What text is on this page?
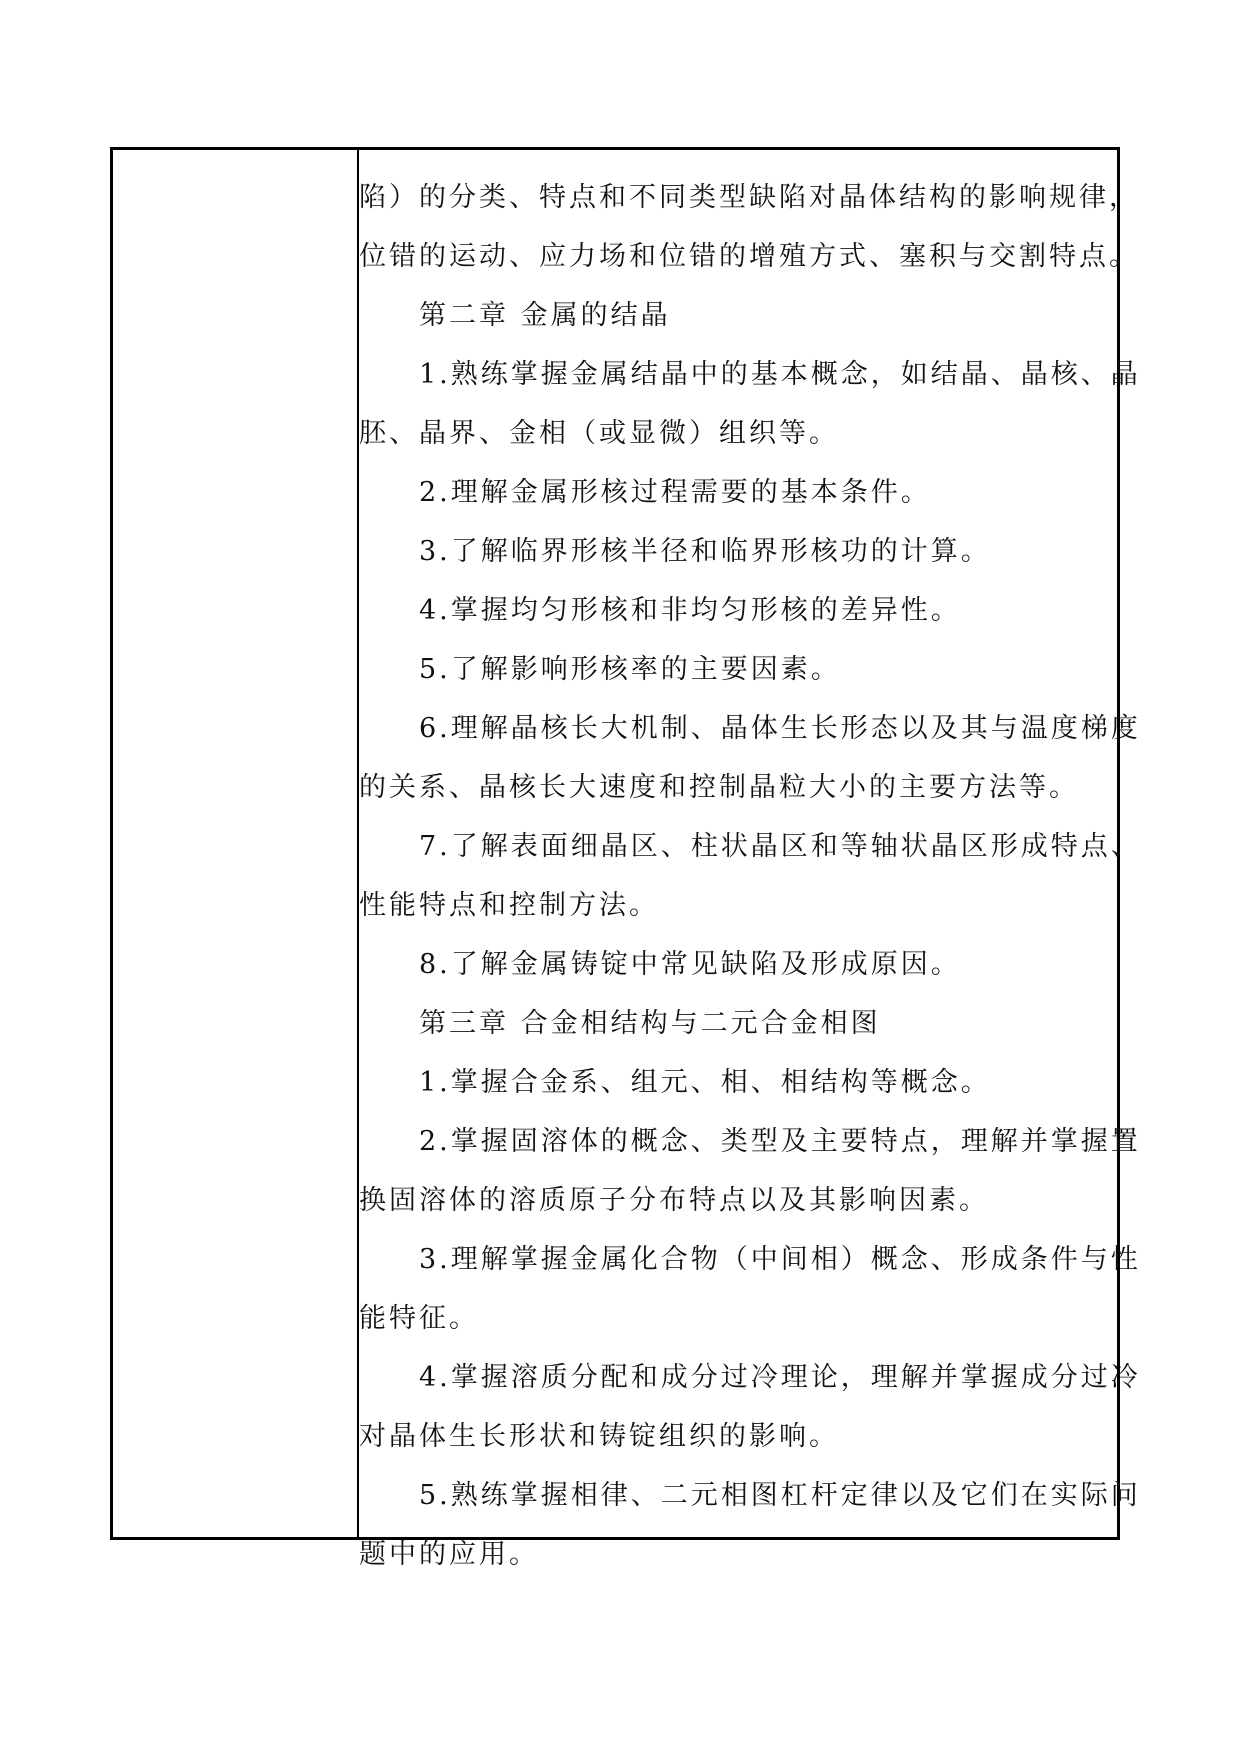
陷）的分类、特点和不同类型缺陷对晶体结构的影响规律，

位错的运动、应力场和位错的增殖方式、塞积与交割特点。

　　第二章 金属的结晶

　　1.熟练掌握金属结晶中的基本概念，如结晶、晶核、晶

胚、晶界、金相（或显微）组织等。

　　2.理解金属形核过程需要的基本条件。

　　3.了解临界形核半径和临界形核功的计算。

　　4.掌握均匀形核和非均匀形核的差异性。

　　5.了解影响形核率的主要因素。

　　6.理解晶核长大机制、晶体生长形态以及其与温度梯度

的关系、晶核长大速度和控制晶粒大小的主要方法等。

　　7.了解表面细晶区、柱状晶区和等轴状晶区形成特点、

性能特点和控制方法。

　　8.了解金属铸锭中常见缺陷及形成原因。

　　第三章 合金相结构与二元合金相图

　　1.掌握合金系、组元、相、相结构等概念。

　　2.掌握固溶体的概念、类型及主要特点，理解并掌握置

换固溶体的溶质原子分布特点以及其影响因素。

　　3.理解掌握金属化合物（中间相）概念、形成条件与性

能特征。

　　4.掌握溶质分配和成分过冷理论，理解并掌握成分过冷

对晶体生长形状和铸锭组织的影响。

　　5.熟练掌握相律、二元相图杠杆定律以及它们在实际问

题中的应用。
